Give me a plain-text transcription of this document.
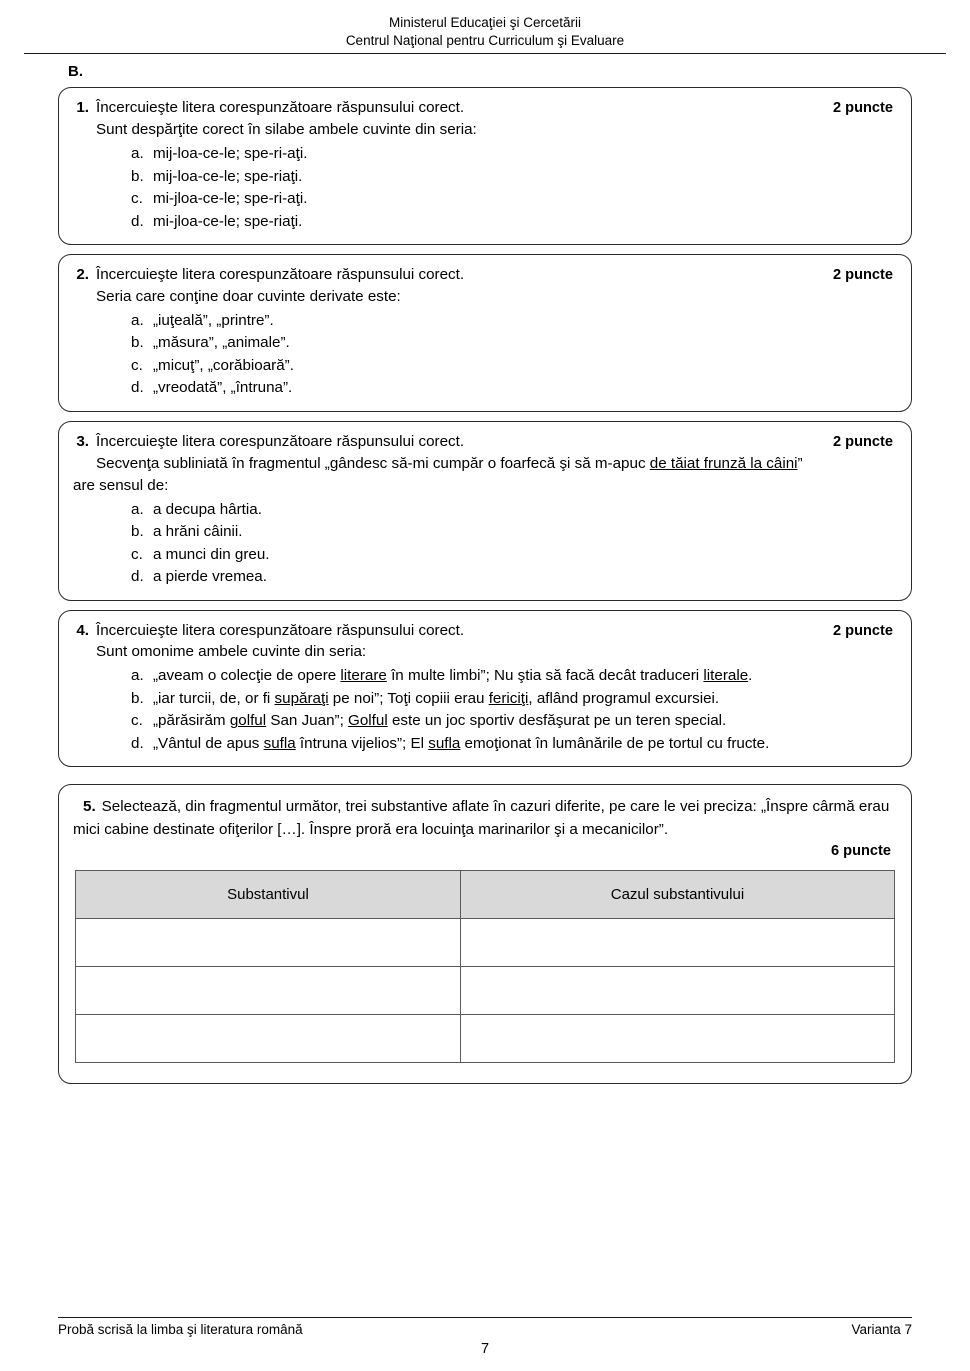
Ministerul Educaţiei şi Cercetării
Centrul Naţional pentru Curriculum şi Evaluare
B.
1. Încercuieşte litera corespunzătoare răspunsului corect.	2 puncte
Sunt despărţite corect în silabe ambele cuvinte din seria:
a. mij-loa-ce-le; spe-ri-aţi.
b. mij-loa-ce-le; spe-riaţi.
c. mi-jloa-ce-le; spe-ri-aţi.
d. mi-jloa-ce-le; spe-riaţi.
2. Încercuieşte litera corespunzătoare răspunsului corect.	2 puncte
Seria care conţine doar cuvinte derivate este:
a. „iuţeală”, „printre”.
b. „măsura”, „animale”.
c. „micuţ”, „corăbioară”.
d. „vreodată”, „întruna”.
3. Încercuieşte litera corespunzătoare răspunsului corect.	2 puncte
Secvenţa subliniată în fragmentul „gândesc să-mi cumpăr o foarfecă şi să m-apuc de tăiat frunză la câini”
are sensul de:
a. a decupa hârtia.
b. a hrăni câinii.
c. a munci din greu.
d. a pierde vremea.
4. Încercuieşte litera corespunzătoare răspunsului corect.	2 puncte
Sunt omonime ambele cuvinte din seria:
a. „aveam o colecţie de opere literare în multe limbi”; Nu ştia să facă decât traduceri literale.
b. „iar turcii, de, or fi supăraţi pe noi”; Toţi copiii erau fericiţi, aflând programul excursiei.
c. „părăsirăm golful San Juan”; Golful este un joc sportiv desfăşurat pe un teren special.
d. „Vântul de apus sufla întruna vijelios”; El sufla emoţionat în lumânările de pe tortul cu fructe.
5. Selectează, din fragmentul următor, trei substantive aflate în cazuri diferite, pe care le vei preciza: „Înspre cârmă erau mici cabine destinate ofiţerilor […]. Înspre proră era locuinţa marinarilor şi a mecanicilor”.
6 puncte
Substantivul	Cazul substantivului

Probă scrisă la limba şi literatura română	Varianta 7
7
